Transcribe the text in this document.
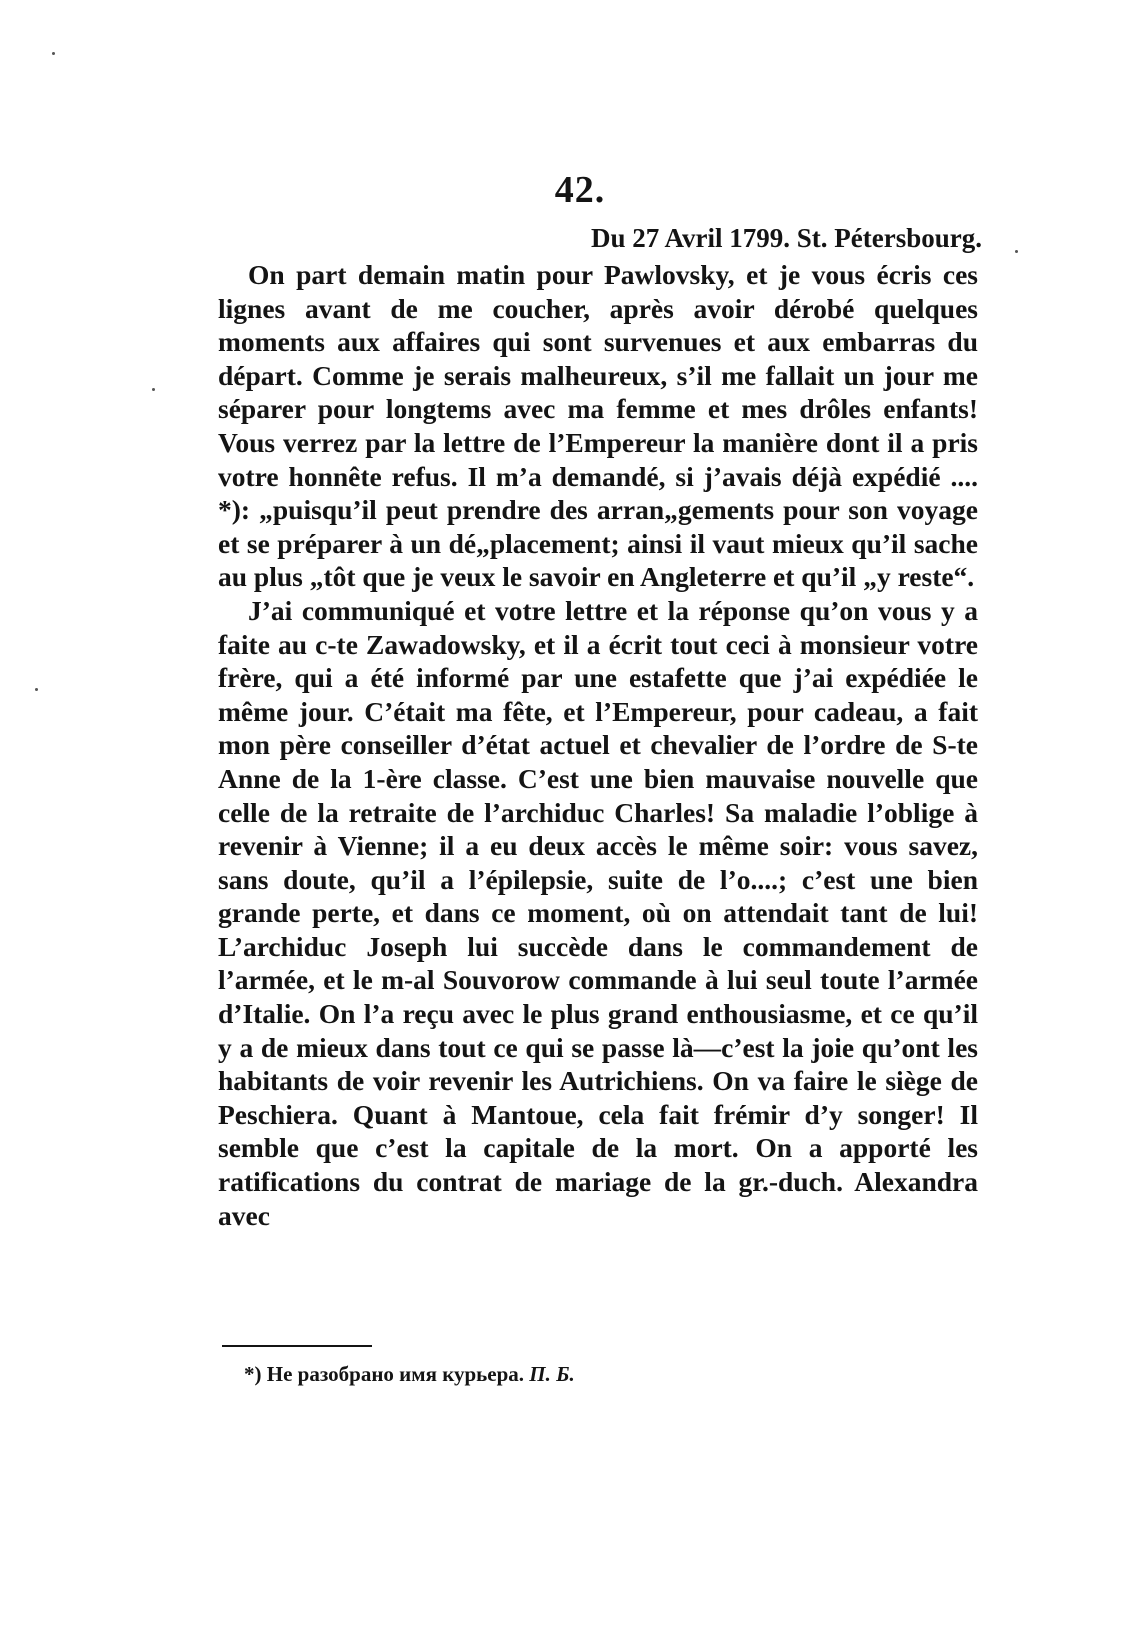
42.
Du 27 Avril 1799. St. Pétersbourg.

On part demain matin pour Pawlovsky, et je vous écris ces lignes avant de me coucher, après avoir dérobé quelques moments aux affaires qui sont survenues et aux embarras du départ. Comme je serais malheureux, s’il me fallait un jour me séparer pour longtems avec ma femme et mes drôles enfants! Vous verrez par la lettre de l’Empereur la manière dont il a pris votre honnête refus. Il m’a demandé, si j’avais déjà expédié .... *): „puisqu’il peut prendre des arran„gements pour son voyage et se préparer à un dé„placement; ainsi il vaut mieux qu’il sache au plus „tôt que je veux le savoir en Angleterre et qu’il „y reste“.

J’ai communiqué et votre lettre et la réponse qu’on vous y a faite au c-te Zawadowsky, et il a écrit tout ceci à monsieur votre frère, qui a été informé par une estafette que j’ai expédiée le même jour. C’était ma fête, et l’Empereur, pour cadeau, a fait mon père conseiller d’état actuel et chevalier de l’ordre de S-te Anne de la 1-ère classe. C’est une bien mauvaise nouvelle que celle de la retraite de l’archiduc Charles! Sa maladie l’oblige à revenir à Vienne; il a eu deux accès le même soir: vous savez, sans doute, qu’il a l’épilepsie, suite de l’o....; c’est une bien grande perte, et dans ce moment, où on attendait tant de lui! L’archiduc Joseph lui succède dans le commandement de l’armée, et le m-al Souvorow commande à lui seul toute l’armée d’Italie. On l’a reçu avec le plus grand enthousiasme, et ce qu’il y a de mieux dans tout ce qui se passe là—c’est la joie qu’ont les habitants de voir revenir les Autrichiens. On va faire le siège de Peschiera. Quant à Mantoue, cela fait frémir d’y songer! Il semble que c’est la capitale de la mort. On a apporté les ratifications du contrat de mariage de la gr.-duch. Alexandra avec

*) Не разобрано имя курьера. П. Б.
